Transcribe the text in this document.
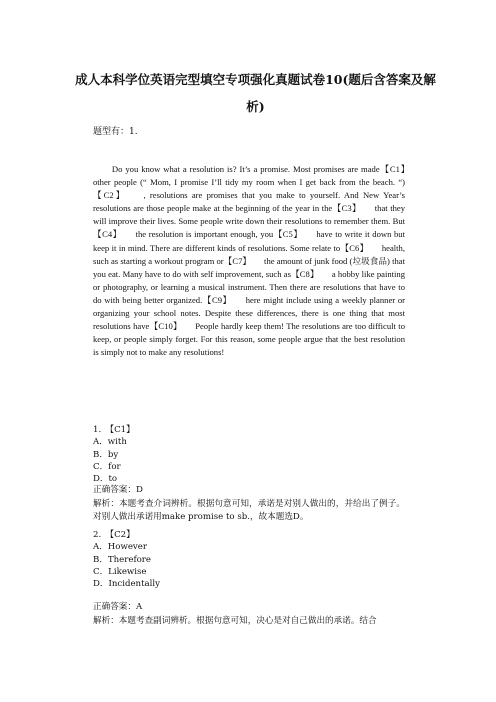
成人本科学位英语完型填空专项强化真题试卷10(题后含答案及解析)
题型有：1.
Do you know what a resolution is? It’s a promise. Most promises are made【C1】　　other people (“ Mom, I promise I’ll tidy my room when I get back from the beach. “)【C2】　　, resolutions are promises that you make to yourself. And New Year’s resolutions are those people make at the beginning of the year in the【C3】　　that they will improve their lives. Some people write down their resolutions to remember them. But【C4】　　the resolution is important enough, you【C5】　　have to write it down but keep it in mind. There are different kinds of resolutions. Some relate to【C6】　　health, such as starting a workout program or【C7】　　the amount of junk food (垃圾食品) that you eat. Many have to do with self improvement, such as【C8】　　a hobby like painting or photography, or learning a musical instrument. Then there are resolutions that have to do with being better organized.【C9】　　here might include using a weekly planner or organizing your school notes. Despite these differences, there is one thing that most resolutions have【C10】　　People hardly keep them! The resolutions are too difficult to keep, or people simply forget. For this reason, some people argue that the best resolution is simply not to make any resolutions!
1.　【C1】
A．with
B．by
C．for
D．to
正确答案：D
解析：本题考查介词辨析。根据句意可知，承诺是对别人做出的，并给出了例子。对别人做出承诺用make promise to sb.，故本题选D。
2.　【C2】
A．However
B．Therefore
C．Likewise
D．Incidentally
正确答案：A
解析：本题考查副词辨析。根据句意可知，决心是对自己做出的承诺。结合
